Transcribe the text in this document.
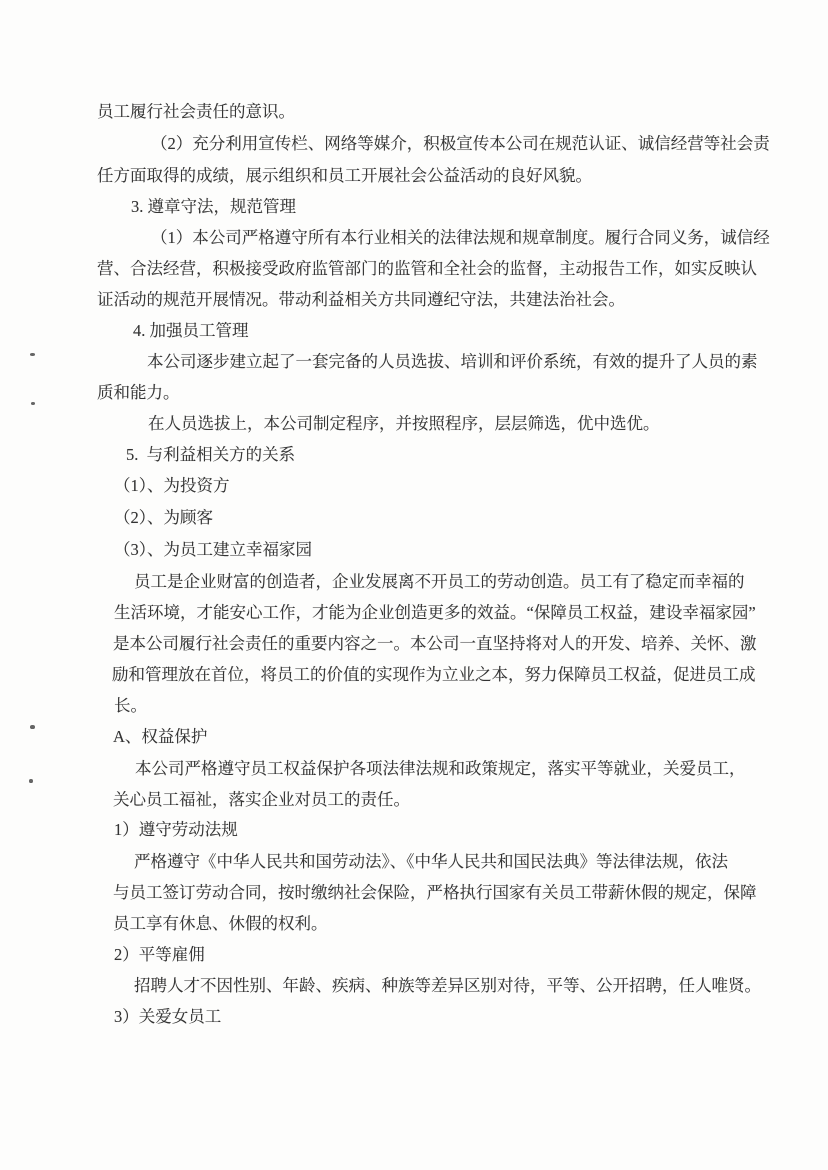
员工履行社会责任的意识。
（2）充分利用宣传栏、网络等媒介，积极宣传本公司在规范认证、诚信经营等社会责
任方面取得的成绩，展示组织和员工开展社会公益活动的良好风貌。
3. 遵章守法，规范管理
（1）本公司严格遵守所有本行业相关的法律法规和规章制度。履行合同义务，诚信经
营、合法经营，积极接受政府监管部门的监管和全社会的监督，主动报告工作，如实反映认
证活动的规范开展情况。带动利益相关方共同遵纪守法，共建法治社会。
4. 加强员工管理
本公司逐步建立起了一套完备的人员选拔、培训和评价系统，有效的提升了人员的素
质和能力。
在人员选拔上，本公司制定程序，并按照程序，层层筛选，优中选优。
5.  与利益相关方的关系
（1）、为投资方
（2）、为顾客
（3）、为员工建立幸福家园
员工是企业财富的创造者，企业发展离不开员工的劳动创造。员工有了稳定而幸福的
生活环境，才能安心工作，才能为企业创造更多的效益。“保障员工权益，建设幸福家园”
是本公司履行社会责任的重要内容之一。本公司一直坚持将对人的开发、培养、关怀、激
励和管理放在首位，将员工的价值的实现作为立业之本，努力保障员工权益，促进员工成
长。
A、权益保护
本公司严格遵守员工权益保护各项法律法规和政策规定，落实平等就业，关爱员工，
关心员工福祉，落实企业对员工的责任。
1）遵守劳动法规
严格遵守《中华人民共和国劳动法》、《中华人民共和国民法典》等法律法规，依法
与员工签订劳动合同，按时缴纳社会保险，严格执行国家有关员工带薪休假的规定，保障
员工享有休息、休假的权利。
2）平等雇佣
招聘人才不因性别、年龄、疾病、种族等差异区别对待，平等、公开招聘，任人唯贤。
3）关爱女员工
